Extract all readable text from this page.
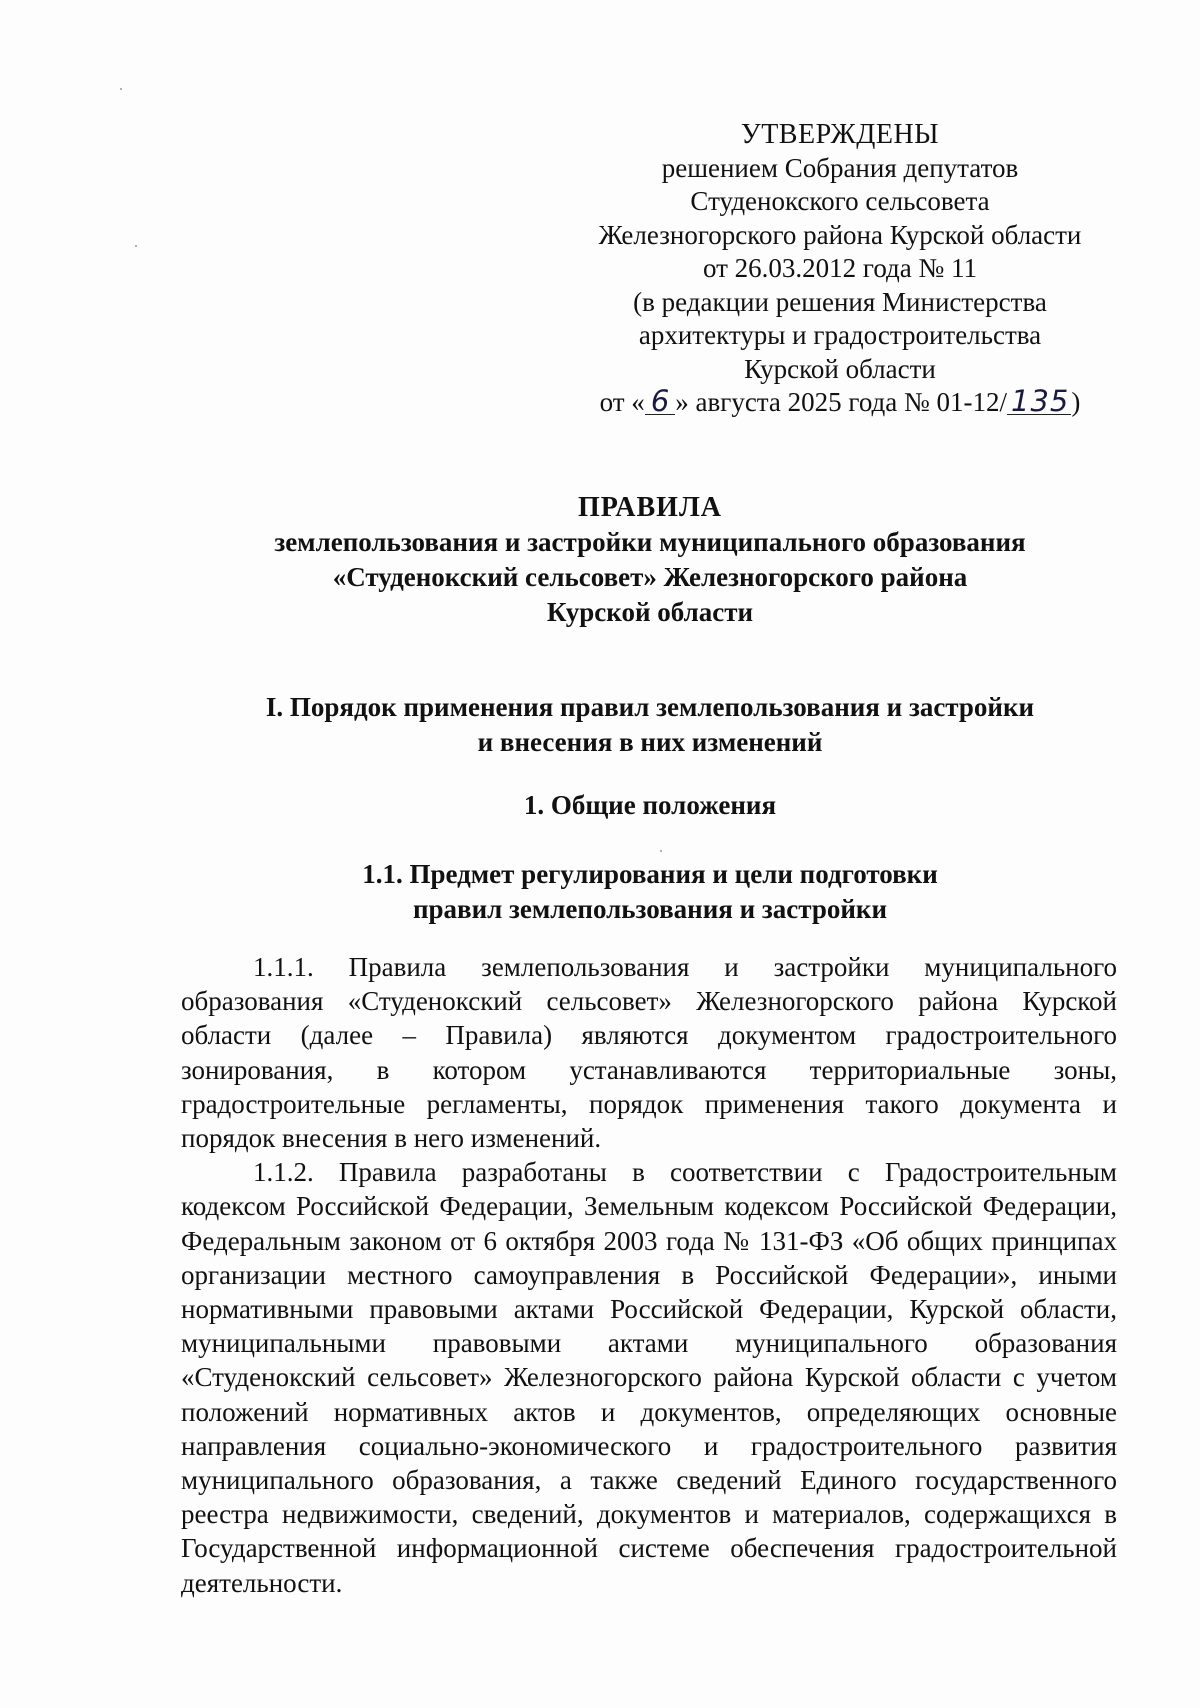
УТВЕРЖДЕНЫ
решением Собрания депутатов
Студенокского сельсовета
Железногорского района Курской области
от 26.03.2012 года № 11
(в редакции решения Министерства
архитектуры и градостроительства
Курской области
от « 6 » августа 2025 года № 01-12/ 135)
ПРАВИЛА
землепользования и застройки муниципального образования
«Студенокский сельсовет» Железногорского района
Курской области
I. Порядок применения правил землепользования и застройки
и внесения в них изменений
1. Общие положения
1.1. Предмет регулирования и цели подготовки
правил землепользования и застройки

1.1.1. Правила землепользования и застройки муниципального образования «Студенокский сельсовет» Железногорского района Курской области (далее – Правила) являются документом градостроительного зонирования, в котором устанавливаются территориальные зоны, градостроительные регламенты, порядок применения такого документа и порядок внесения в него изменений.

1.1.2. Правила разработаны в соответствии с Градостроительным кодексом Российской Федерации, Земельным кодексом Российской Федерации, Федеральным законом от 6 октября 2003 года № 131-ФЗ «Об общих принципах организации местного самоуправления в Российской Федерации», иными нормативными правовыми актами Российской Федерации, Курской области, муниципальными правовыми актами муниципального образования «Студенокский сельсовет» Железногорского района Курской области с учетом положений нормативных актов и документов, определяющих основные направления социально-экономического и градостроительного развития муниципального образования, а также сведений Единого государственного реестра недвижимости, сведений, документов и материалов, содержащихся в Государственной информационной системе обеспечения градостроительной деятельности.
